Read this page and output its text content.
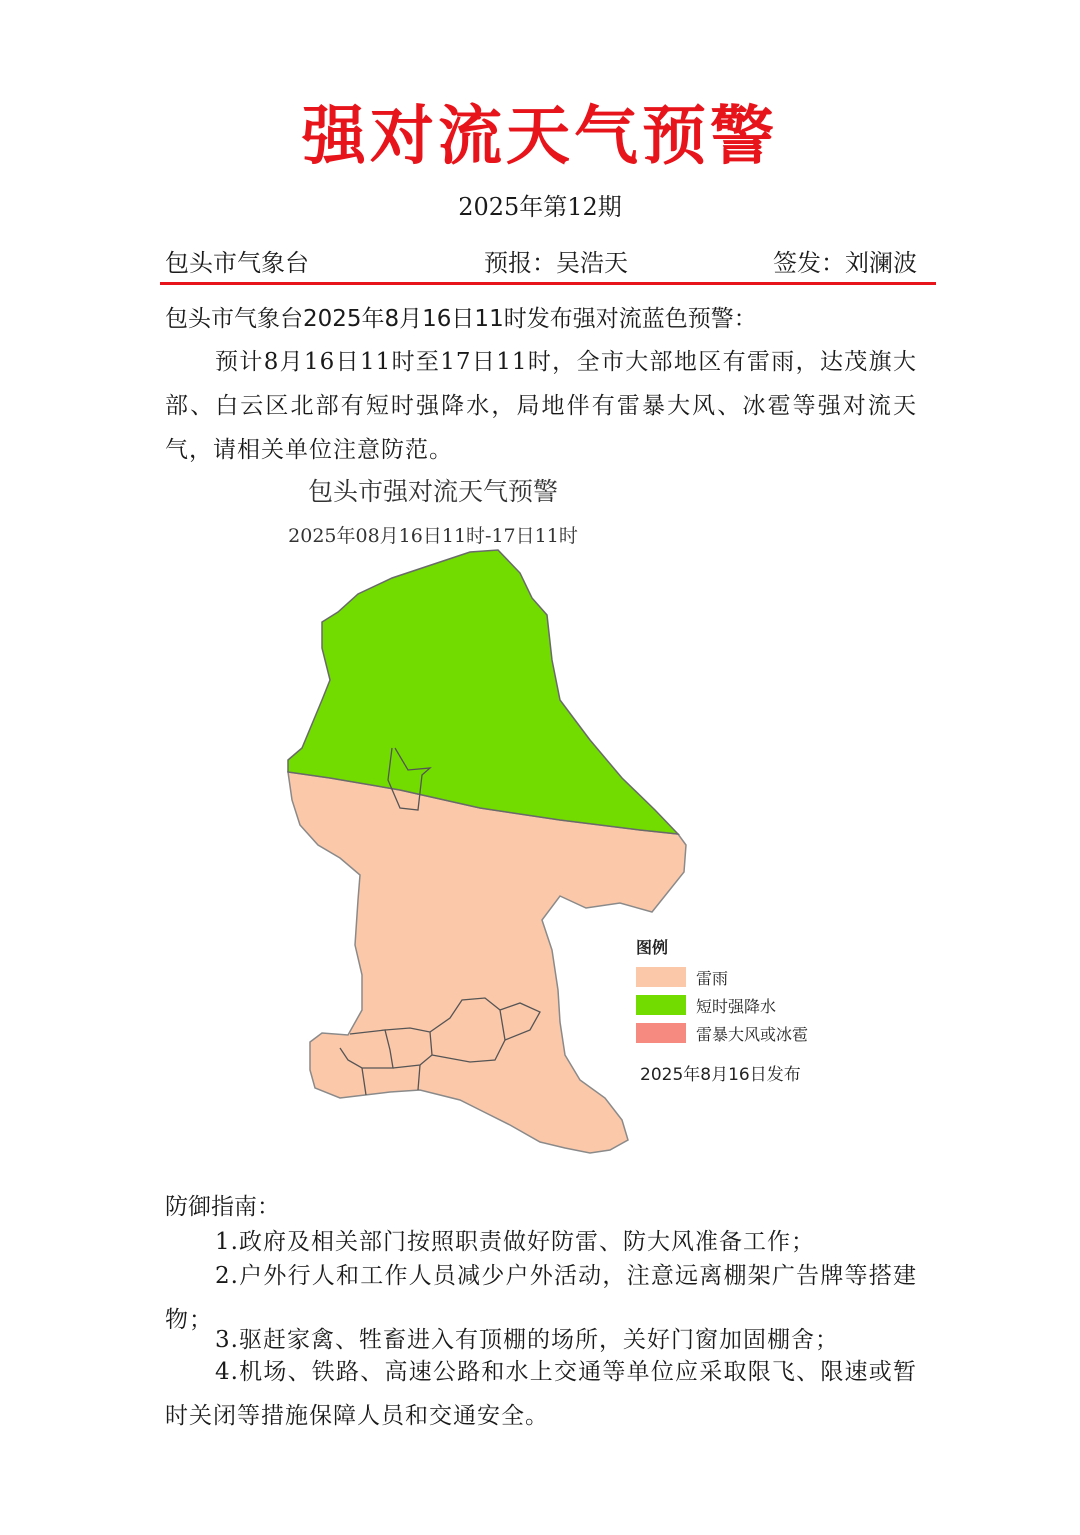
强对流天气预警
2025年第12期
包头市气象台	预报：吴浩天	签发：刘澜波
包头市气象台2025年8月16日11时发布强对流蓝色预警：
预计8月16日11时至17日11时，全市大部地区有雷雨，达茂旗大部、白云区北部有短时强降水，局地伴有雷暴大风、冰雹等强对流天气，请相关单位注意防范。
包头市强对流天气预警
2025年08月16日11时-17日11时
图例
雷雨
短时强降水
雷暴大风或冰雹
2025年8月16日发布
防御指南：
1.政府及相关部门按照职责做好防雷、防大风准备工作；
2.户外行人和工作人员减少户外活动，注意远离棚架广告牌等搭建物；
3.驱赶家禽、牲畜进入有顶棚的场所，关好门窗加固棚舍；
4.机场、铁路、高速公路和水上交通等单位应采取限飞、限速或暂时关闭等措施保障人员和交通安全。
